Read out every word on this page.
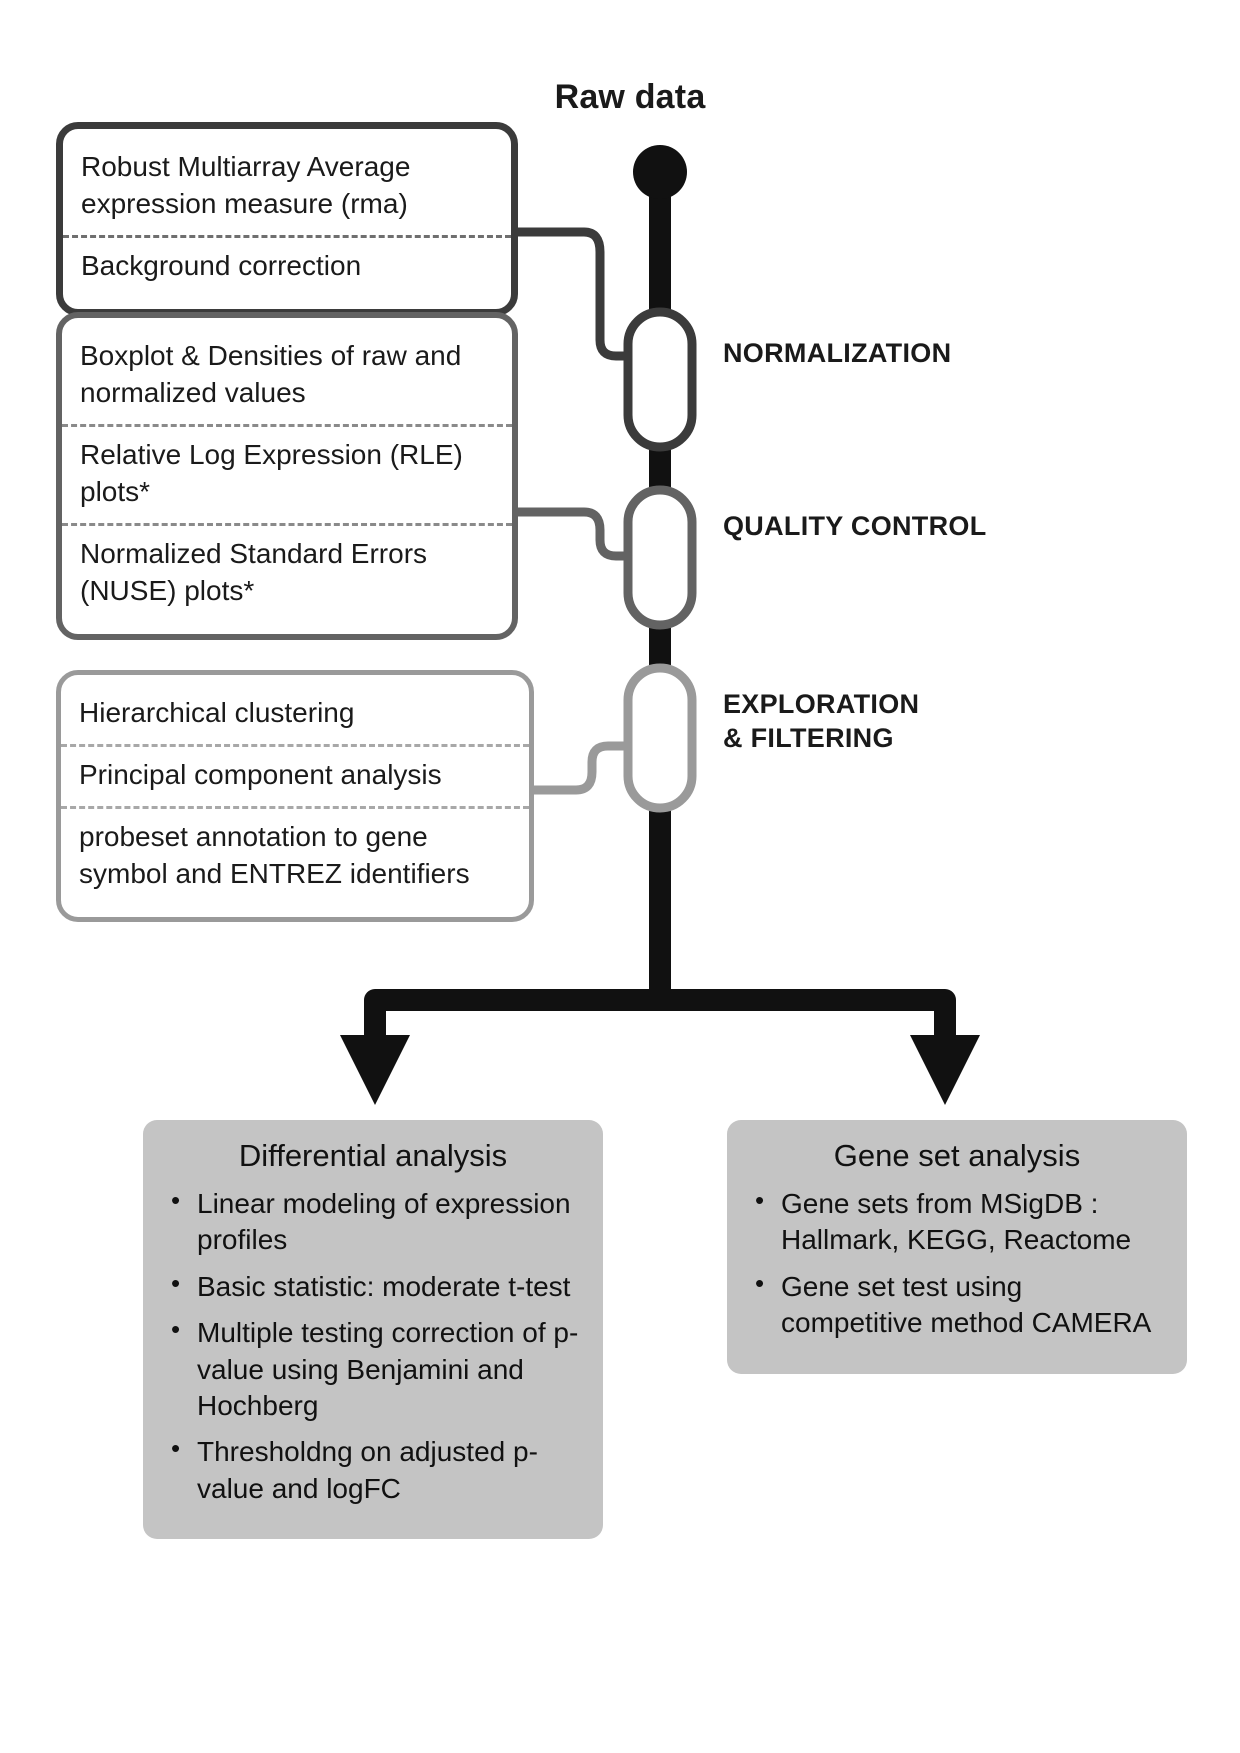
Raw data
NORMALIZATION
QUALITY CONTROL
EXPLORATION
& FILTERING
Robust Multiarray Average expression measure (rma)
Background correction
Boxplot & Densities of raw and normalized values
Relative Log Expression (RLE) plots*
Normalized Standard Errors (NUSE) plots*
Hierarchical clustering
Principal component analysis
probeset annotation to gene symbol and ENTREZ identifiers
Differential analysis
• Linear modeling of expression profiles
• Basic statistic: moderate t-test
• Multiple testing correction of p-value using Benjamini and Hochberg
• Thresholdng on adjusted p-value and logFC
Gene set analysis
• Gene sets from MSigDB : Hallmark, KEGG, Reactome
• Gene set test using competitive method CAMERA
